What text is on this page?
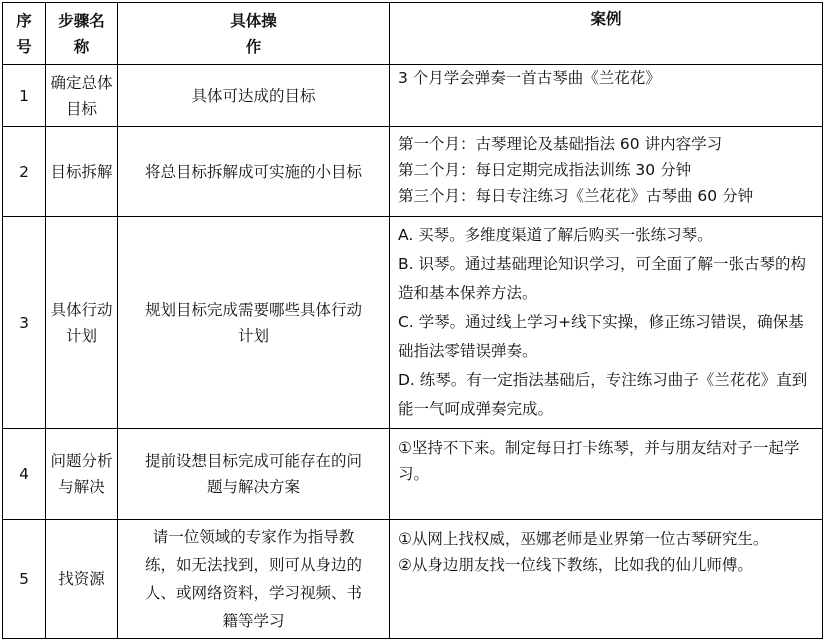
序号	步骤名称	具体操作	案例
1	确定总体目标	具体可达成的目标	3 个月学会弹奏一首古琴曲《兰花花》

2	目标拆解	将总目标拆解成可实施的小目标	第一个月：古琴理论及基础指法 60 讲内容学习
第二个月：每日定期完成指法训练 30 分钟
第三个月：每日专注练习《兰花花》古琴曲 60 分钟

3	具体行动计划	规划目标完成需要哪些具体行动计划	A. 买琴。多维度渠道了解后购买一张练习琴。
B. 识琴。通过基础理论知识学习，可全面了解一张古琴的构造和基本保养方法。
C. 学琴。通过线上学习+线下实操，修正练习错误，确保基础指法零错误弹奏。
D. 练琴。有一定指法基础后，专注练习曲子《兰花花》直到能一气呵成弹奏完成。

4	问题分析与解决	提前设想目标完成可能存在的问题与解决方案	①坚持不下来。制定每日打卡练琴，并与朋友结对子一起学习。

5	找资源	请一位领域的专家作为指导教练，如无法找到，则可从身边的人、或网络资料，学习视频、书籍等学习	①从网上找权威，巫娜老师是业界第一位古琴研究生。
②从身边朋友找一位线下教练，比如我的仙儿师傅。
